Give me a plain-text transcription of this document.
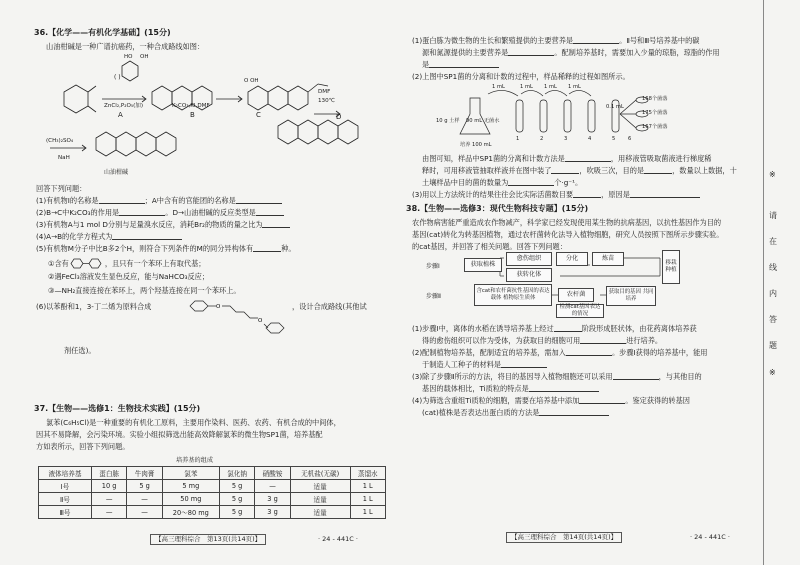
36.【化学——有机化学基础】(15分)
山油柑碱是一种广谱抗癌药，一种合成路线如图：
HO OH
O OH
( )
ZnCl₂,P₂O₅(加)	K₂CO₃,KI,DMF
DMF
130℃
A	B	C	D
(CH₃)₂SO₄
NaH
山油柑碱
回答下列问题：
(1)有机物Ⅰ的名称是	；A中含有的官能团的名称是
(2)B→C中K₂CO₃的作用是	。D→山油柑碱的反应类型是
(3)有机物A与1 mol D分别与足量溴水反应，消耗Br₂的物质的量之比为
(4)A→B的化学方程式为
(5)有机物M分子中比B多2个H，则符合下列条件的M的同分异构体有	种。
①含有	，且只有一个苯环上有取代基；
②遇FeCl₃溶液发生显色反应，能与NaHCO₃反应；
③—NH₂直接连接在苯环上，两个羟基连接在同一个苯环上。
(6)以苯酚和1，3-丁二烯为原料合成	O
O
，设计合成路线(其他试
剂任选)。
37.【生物——选修1：生物技术实践】(15分)
氯苯(C₆H₅Cl)是一种重要的有机化工原料，主要用作染料、医药、农药、有机合成的中间体，
因其不易降解，会污染环境。实验小组拟筛选出能高效降解氯苯的微生物SP1菌，培养基配
方如表所示，回答下列问题。
培养基的组成
液体培养基	蛋白胨	牛肉膏	氯苯	氯化钠	硝酸铵	无机盐(无碳)	蒸馏水
Ⅰ号	10 g	5 g	5 mg	5 g	—	适量	1 L
Ⅱ号	—	—	50 mg	5 g	3 g	适量	1 L
Ⅲ号	—	—	20～80 mg	5 g	3 g	适量	1 L
【高三理科综合　第13页(共14页)】	· 24 - 441C ·
(1)蛋白胨为微生物的生长和繁殖提供的主要营养是	。Ⅱ号和Ⅲ号培养基中的碳
源和氮源提供的主要营养是	。配制培养基时，需要加入少量的琼脂，琼脂的作用
是
(2)上图中SP1菌的分离和计数的过程中，样品稀释的过程如图所示。
1 mL	1 mL 1 mL 1 mL
168个菌落
175个菌落
167个菌落
0.1 mL
10 g 土样 90 mL 无菌水
1	2	3	4	5 6
培养 100 mL
由图可知，样品中SP1菌的分离和计数方法是	，用移液管吸取菌液进行梯度稀
释时，可用移液管抽取样液并在图中装了	，吹吸三次，目的是	，数量以上数据，十
土壤样品中目的菌的数量为	个·g⁻¹。
(3)用以上方法统计的结果往往会比实际活菌数目要	，原因是
38.【生物——选修3：现代生物科技专题】(15分)
农作物病害能严重造成农作物减产，科学家已经发现使用某生物的抗病基因，以抗性基因作为目的
基因(cat)转化为转基因植物，通过农杆菌转化法导入植物细胞，研究人员按照下图所示步骤实验。
的cat基因，并回答了相关问题。回答下列问题：
步骤Ⅰ
步骤Ⅱ
获取植株
愈伤组织
获转化体
分化	炼苗
移栽种植
含cat和农杆菌抗性基因的表达载体 植物原生质体	农杆菌	获取目的基因 共同培养
检测cat基因表达的情况
(1)步骤Ⅰ中，离体的水稻在诱导培养基上经过	阶段形成胚状体，由花药离体培养获
得的愈伤组织可以作为受体，为获取目的细胞可用	进行培养。
(2)配制植物培养基，配制适宜的培养基，需加入	。步骤Ⅰ获得的培养基中，能用
于制造人工种子的材料是
(3)除了步骤Ⅱ所示的方法，将目的基因导入植物细胞还可以采用	，与其他目的
基因的载体相比，Ti质粒的特点是
(4)为筛选含重组Ti质粒的细胞，需要在培养基中添加	。鉴定获得的转基因
(cat)植株是否表达出蛋白质的方法是
【高三理科综合　第14页(共14页)】	· 24 - 441C ·
※
请
在
线
内
答
题
※
